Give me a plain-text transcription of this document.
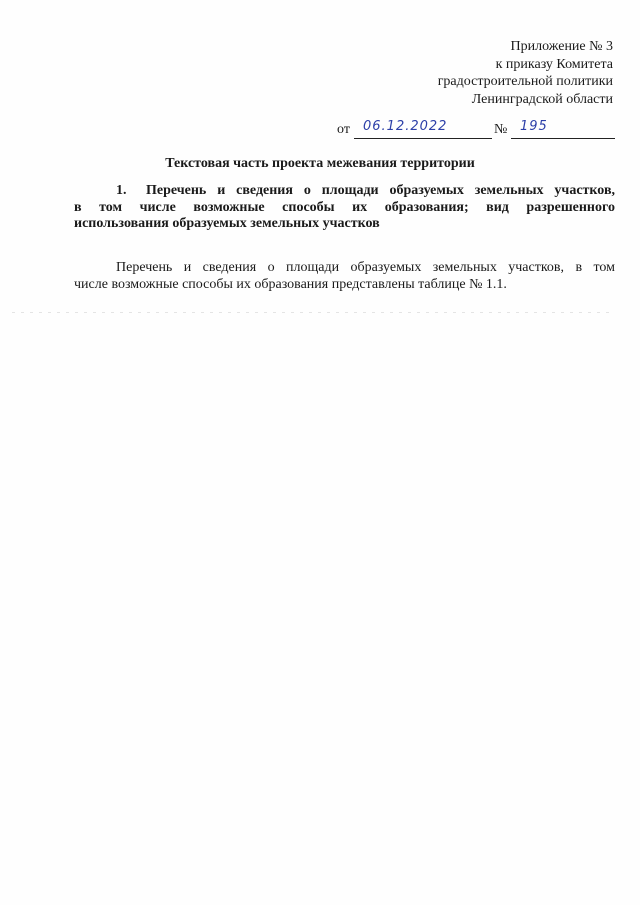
Приложение № 3
к приказу Комитета
градостроительной политики
Ленинградской области
от 06.12.2022	№ 195
Текстовая часть проекта межевания территории
1. Перечень и сведения о площади образуемых земельных участков,
в том числе возможные способы их образования; вид разрешенного
использования образуемых земельных участков

Перечень и сведения о площади образуемых земельных участков, в том
числе возможные способы их образования представлены таблице № 1.1.
